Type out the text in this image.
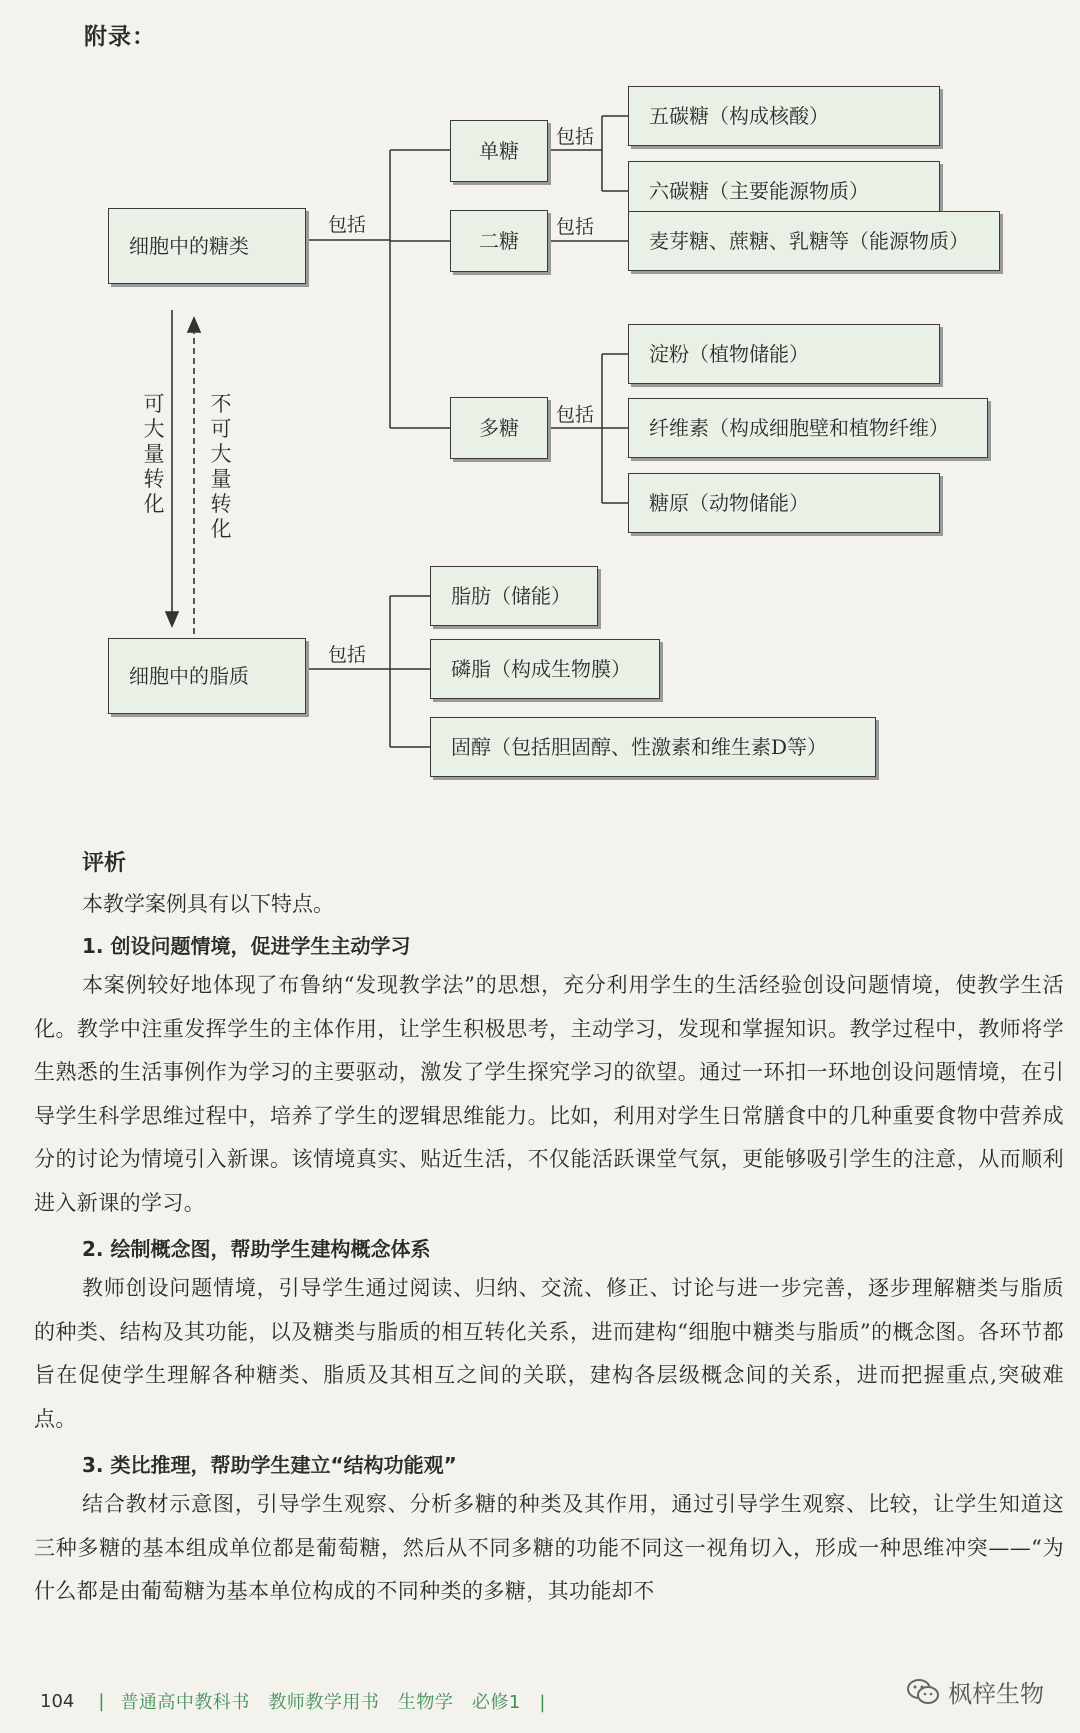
附录：
细胞中的糖类
细胞中的脂质
单糖
二糖
多糖
五碳糖（构成核酸）
六碳糖（主要能源物质）
麦芽糖、蔗糖、乳糖等（能源物质）
淀粉（植物储能）
纤维素（构成细胞壁和植物纤维）
糖原（动物储能）
脂肪（储能）
磷脂（构成生物膜）
固醇（包括胆固醇、性激素和维生素D等）
包括
包括
包括
包括
包括
可大量转化
不可大量转化
评析
本教学案例具有以下特点。
1. 创设问题情境，促进学生主动学习

本案例较好地体现了布鲁纳“发现教学法”的思想，充分利用学生的生活经验创设问题情境，使教学生活化。教学中注重发挥学生的主体作用，让学生积极思考，主动学习，发现和掌握知识。教学过程中，教师将学生熟悉的生活事例作为学习的主要驱动，激发了学生探究学习的欲望。通过一环扣一环地创设问题情境，在引导学生科学思维过程中，培养了学生的逻辑思维能力。比如，利用对学生日常膳食中的几种重要食物中营养成分的讨论为情境引入新课。该情境真实、贴近生活，不仅能活跃课堂气氛，更能够吸引学生的注意，从而顺利进入新课的学习。

2. 绘制概念图，帮助学生建构概念体系

教师创设问题情境，引导学生通过阅读、归纳、交流、修正、讨论与进一步完善，逐步理解糖类与脂质的种类、结构及其功能，以及糖类与脂质的相互转化关系，进而建构“细胞中糖类与脂质”的概念图。各环节都旨在促使学生理解各种糖类、脂质及其相互之间的关联，建构各层级概念间的关系，进而把握重点,突破难点。

3. 类比推理，帮助学生建立“结构功能观”

结合教材示意图，引导学生观察、分析多糖的种类及其作用，通过引导学生观察、比较，让学生知道这三种多糖的基本组成单位都是葡萄糖，然后从不同多糖的功能不同这一视角切入，形成一种思维冲突——“为什么都是由葡萄糖为基本单位构成的不同种类的多糖，其功能却不

104 | 普通高中教科书　教师教学用书　生物学　必修1　|	枫梓生物
